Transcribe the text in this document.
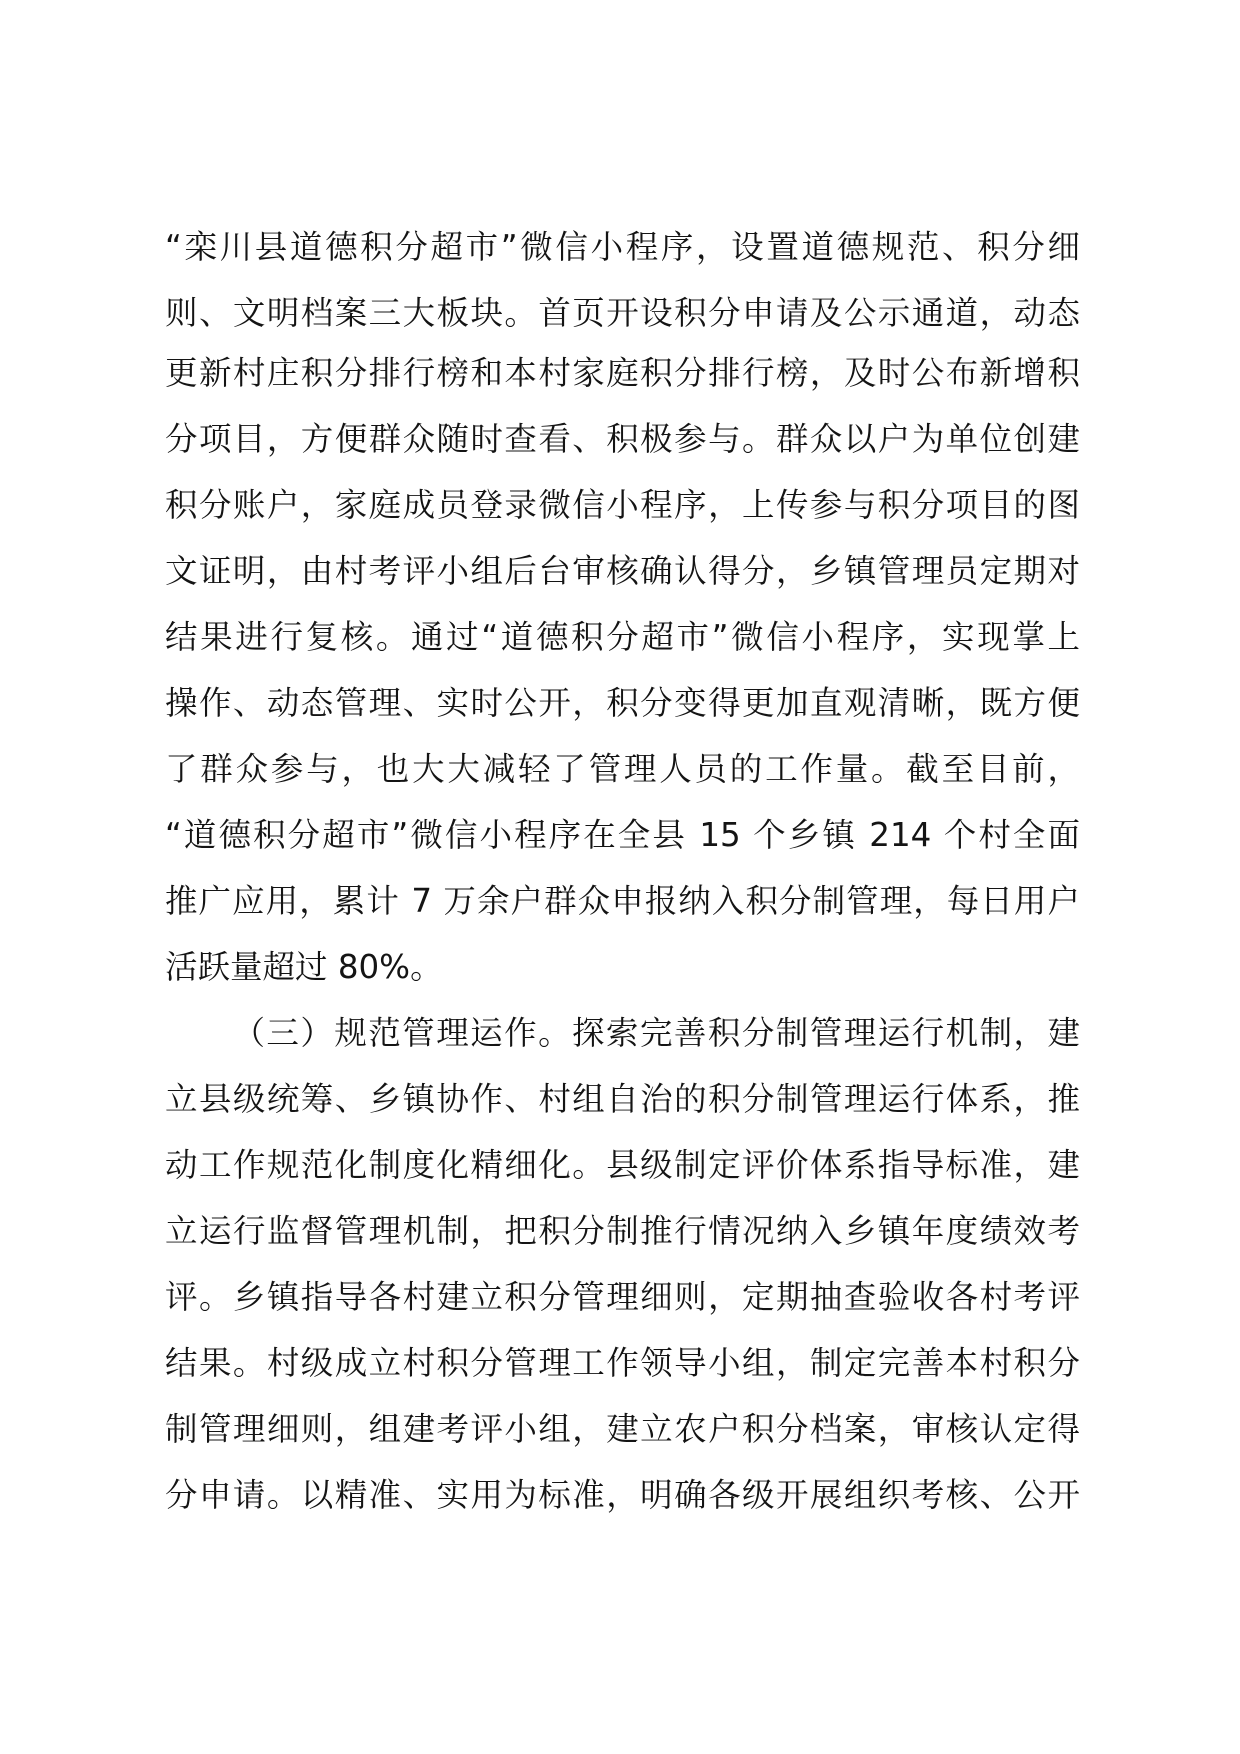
“栾川县道德积分超市”微信小程序，设置道德规范、积分细
则、文明档案三大板块。首页开设积分申请及公示通道，动态
更新村庄积分排行榜和本村家庭积分排行榜，及时公布新增积
分项目，方便群众随时查看、积极参与。群众以户为单位创建
积分账户，家庭成员登录微信小程序，上传参与积分项目的图
文证明，由村考评小组后台审核确认得分，乡镇管理员定期对
结果进行复核。通过“道德积分超市”微信小程序，实现掌上
操作、动态管理、实时公开，积分变得更加直观清晰，既方便
了群众参与，也大大减轻了管理人员的工作量。截至目前，
“道德积分超市”微信小程序在全县 15 个乡镇 214 个村全面
推广应用，累计 7 万余户群众申报纳入积分制管理，每日用户
活跃量超过 80%。
（三）规范管理运作。探索完善积分制管理运行机制，建
立县级统筹、乡镇协作、村组自治的积分制管理运行体系，推
动工作规范化制度化精细化。县级制定评价体系指导标准，建
立运行监督管理机制，把积分制推行情况纳入乡镇年度绩效考
评。乡镇指导各村建立积分管理细则，定期抽查验收各村考评
结果。村级成立村积分管理工作领导小组，制定完善本村积分
制管理细则，组建考评小组，建立农户积分档案，审核认定得
分申请。以精准、实用为标准，明确各级开展组织考核、公开
